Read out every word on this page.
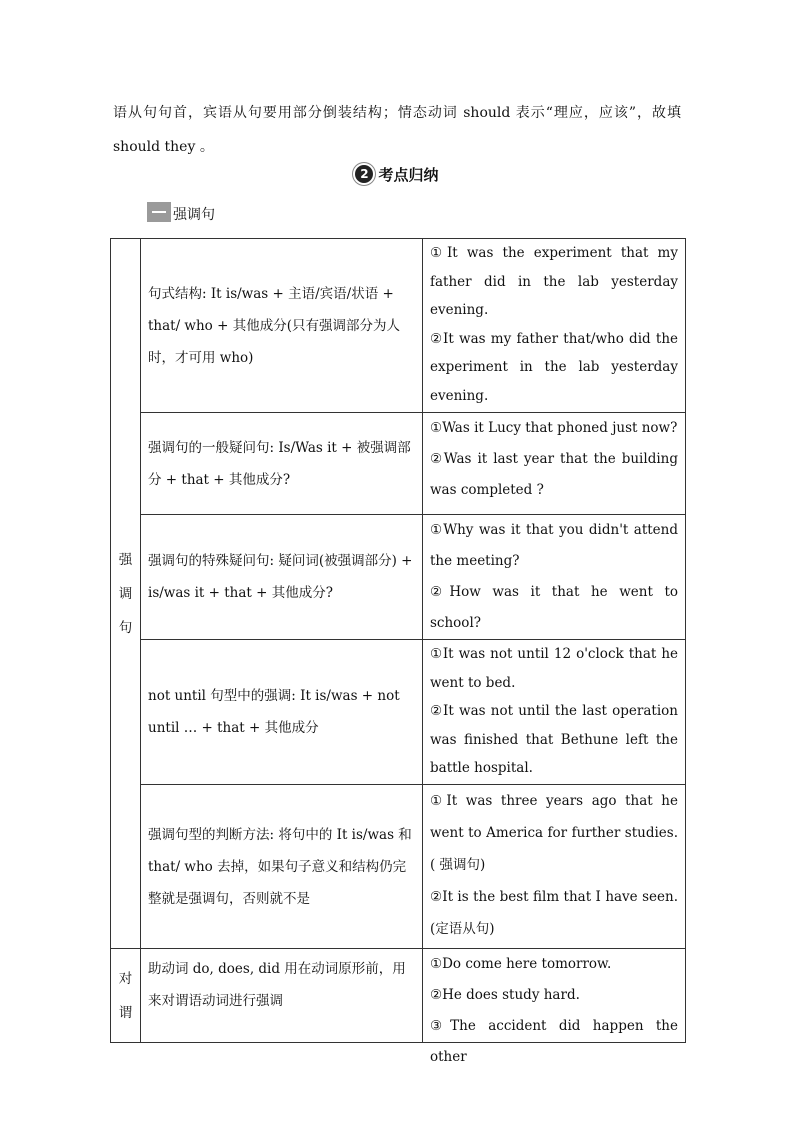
语从句句首，宾语从句要用部分倒装结构；情态动词 should 表示“理应，应该”，故填 should they 。

2 考点归纳
强调句
强
调
句	句式结构: It is/was + 主语/宾语/状语 + that/ who + 其他成分(只有强调部分为人时，才可用 who)	①It was the experiment that my father did in the lab yesterday evening.
②It was my father that/who did the experiment in the lab yesterday evening.

	强调句的一般疑问句: Is/Was it + 被强调部分 + that + 其他成分?	①Was it Lucy that phoned just now?
②Was it last year that the building was completed ?

	强调句的特殊疑问句: 疑问词(被强调部分) + is/was it + that + 其他成分?	①Why was it that you didn't attend the meeting?
②How was it that he went to school?

	not until 句型中的强调: It is/was + not until … + that + 其他成分	①It was not until 12 o'clock that he went to bed.
②It was not until the last operation was finished that Bethune left the battle hospital.

	强调句型的判断方法: 将句中的 It is/was 和 that/ who 去掉，如果句子意义和结构仍完整就是强调句，否则就不是	①It was three years ago that he went to America for further studies.( 强调句)
②It is the best film that I have seen.(定语从句)

对
谓	助动词 do, does, did 用在动词原形前，用来对谓语动词进行强调	①Do come here tomorrow.
②He does study hard.
③The accident did happen the other
